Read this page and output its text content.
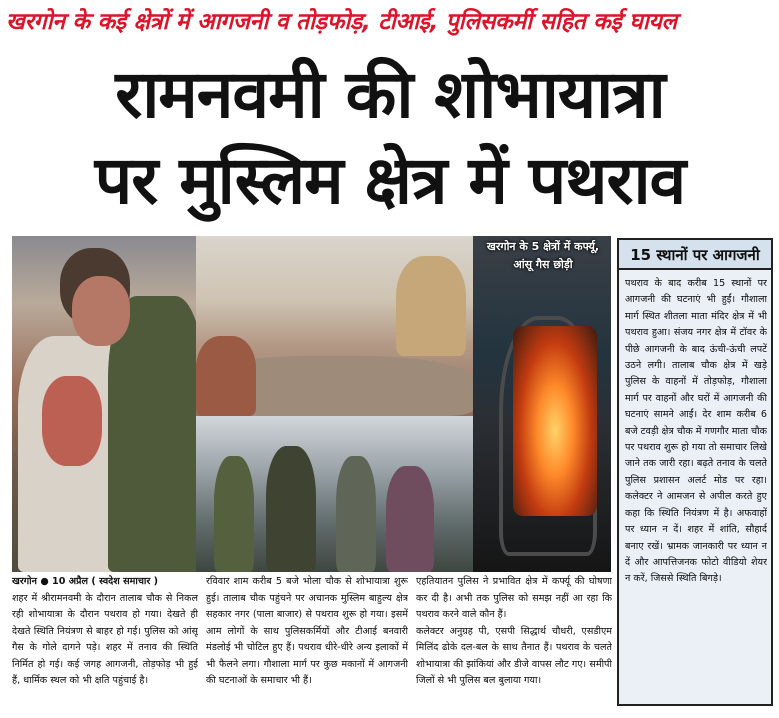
खरगोन के कई क्षेत्रों में आगजनी व तोड़फोड़, टीआई, पुलिसकर्मी सहित कई घायल
रामनवमी की शोभायात्रा
पर मुस्लिम क्षेत्र में पथराव
खरगोन के 5 क्षेत्रों में कर्फ्यू, आंसू गैस छोड़ी
15 स्थानों पर आगजनी
पथराव के बाद करीब 15 स्थानों पर आगजनी की घटनाएं भी हुईं। गौशाला मार्ग स्थित शीतला माता मंदिर क्षेत्र में भी पथराव हुआ। संजय नगर क्षेत्र में टॉवर के पीछे आगजनी के बाद ऊंची-ऊंची लपटें उठने लगी। तालाब चौक क्षेत्र में खड़े पुलिस के वाहनों में तोड़फोड़, गौशाला मार्ग पर वाहनों और घरों में आगजनी की घटनाएं सामने आईं। देर शाम करीब 6 बजे टवड़ी क्षेत्र चौक में गणगौर माता चौक पर पथराव शुरू हो गया तो समाचार लिखे जाने तक जारी रहा। बढ़ते तनाव के चलते पुलिस प्रशासन अलर्ट मोड पर रहा। कलेक्टर ने आमजन से अपील करते हुए कहा कि स्थिति नियंत्रण में है। अफवाहों पर ध्यान न दें। शहर में शांति, सौहार्द बनाए रखें। भ्रामक जानकारी पर ध्यान न दें और आपत्तिजनक फोटो वीडियो शेयर न करें, जिससे स्थिति बिगड़े।
खरगोन ● 10 अप्रैल ( स्वदेश समाचार )
शहर में श्रीरामनवमी के दौरान तालाब चौक से निकल रही शोभायात्रा के दौरान पथराव हो गया। देखते ही देखते स्थिति नियंत्रण से बाहर हो गई। पुलिस को आंसू गैस के गोले दागने पड़े। शहर में तनाव की स्थिति निर्मित हो गई। कई जगह आगजनी, तोड़फोड़ भी हुई हैं, धार्मिक स्थल को भी क्षति पहुंचाई है।
रविवार शाम करीब 5 बजे भोला चौक से शोभायात्रा शुरू हुई। तालाब चौक पहुंचने पर अचानक मुस्लिम बाहुल्य क्षेत्र सहकार नगर (पाला बाजार) से पथराव शुरू हो गया। इसमें आम लोगों के साथ पुलिसकर्मियों और टीआई बनवारी मंडलोई भी चोटिल हुए हैं। पथराव धीरे-धीरे अन्य इलाकों में भी फैलने लगा। गौशाला मार्ग पर कुछ मकानों में आगजनी की घटनाओं के समाचार भी हैं।
एहतियातन पुलिस ने प्रभावित क्षेत्र में कर्फ्यू की घोषणा कर दी है। अभी तक पुलिस को समझ नहीं आ रहा कि पथराव करने वाले कौन हैं।
कलेक्टर अनुग्रह पी, एसपी सिद्धार्थ चौधरी, एसडीएम मिलिंद ढोके दल-बल के साथ तैनात हैं। पथराव के चलते शोभायात्रा की झांकियां और डीजे वापस लौट गए। समीपी जिलों से भी पुलिस बल बुलाया गया।
